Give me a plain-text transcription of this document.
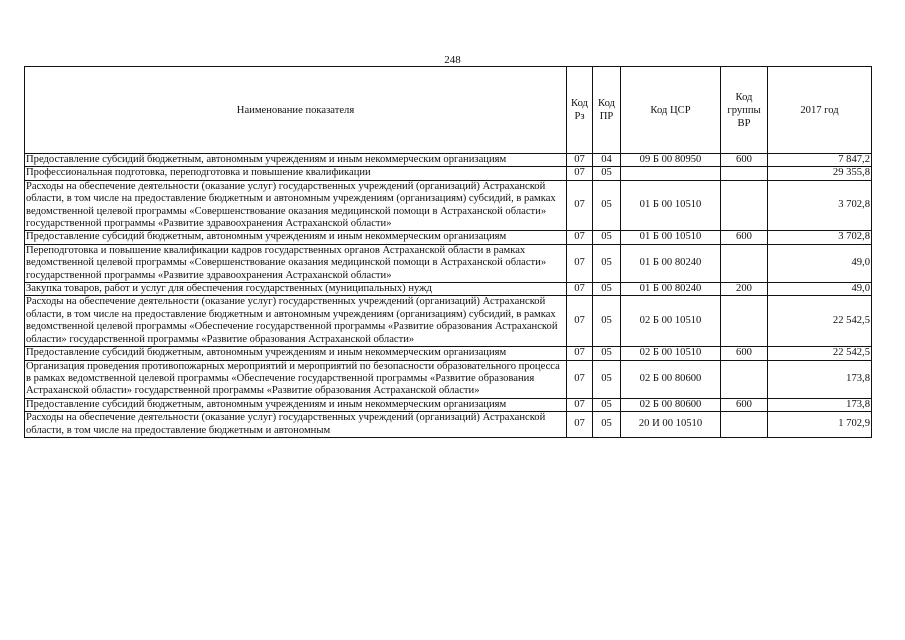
248
Наименование показателя	Код Рз	Код ПР	Код ЦСР	Код группы ВР	2017 год
Предоставление субсидий бюджетным, автономным учреждениям и иным некоммерческим организациям	07	04	09 Б 00 80950	600	7 847,2
Профессиональная подготовка, переподготовка и повышение квалификации	07	05			29 355,8
Расходы на обеспечение деятельности (оказание услуг) государственных учреждений (организаций) Астраханской области, в том числе на предоставление бюджетным и автономным учреждениям (организациям) субсидий, в рамках ведомственной целевой программы «Совершенствование оказания медицинской помощи в Астраханской области» государственной программы «Развитие здравоохранения Астраханской области»	07	05	01 Б 00 10510		3 702,8
Предоставление субсидий бюджетным, автономным учреждениям и иным некоммерческим организациям	07	05	01 Б 00 10510	600	3 702,8
Переподготовка и повышение квалификации кадров государственных органов Астраханской области в рамках ведомственной целевой программы «Совершенствование оказания медицинской помощи в Астраханской области» государственной программы «Развитие здравоохранения Астраханской области»	07	05	01 Б 00 80240		49,0
Закупка товаров, работ и услуг для обеспечения государственных (муниципальных) нужд	07	05	01 Б 00 80240	200	49,0
Расходы на обеспечение деятельности (оказание услуг) государственных учреждений (организаций) Астраханской области, в том числе на предоставление бюджетным и автономным учреждениям (организациям) субсидий, в рамках ведомственной целевой программы «Обеспечение государственной программы «Развитие образования Астраханской области» государственной программы «Развитие образования Астраханской области»	07	05	02 Б 00 10510		22 542,5
Предоставление субсидий бюджетным, автономным учреждениям и иным некоммерческим организациям	07	05	02 Б 00 10510	600	22 542,5
Организация проведения противопожарных мероприятий и мероприятий по безопасности образовательного процесса в рамках ведомственной целевой программы «Обеспечение государственной программы «Развитие образования Астраханской области» государственной программы «Развитие образования Астраханской области»	07	05	02 Б 00 80600		173,8
Предоставление субсидий бюджетным, автономным учреждениям и иным некоммерческим организациям	07	05	02 Б 00 80600	600	173,8
Расходы на обеспечение деятельности (оказание услуг) государственных учреждений (организаций) Астраханской области, в том числе на предоставление бюджетным и автономным	07	05	20 И 00 10510		1 702,9
